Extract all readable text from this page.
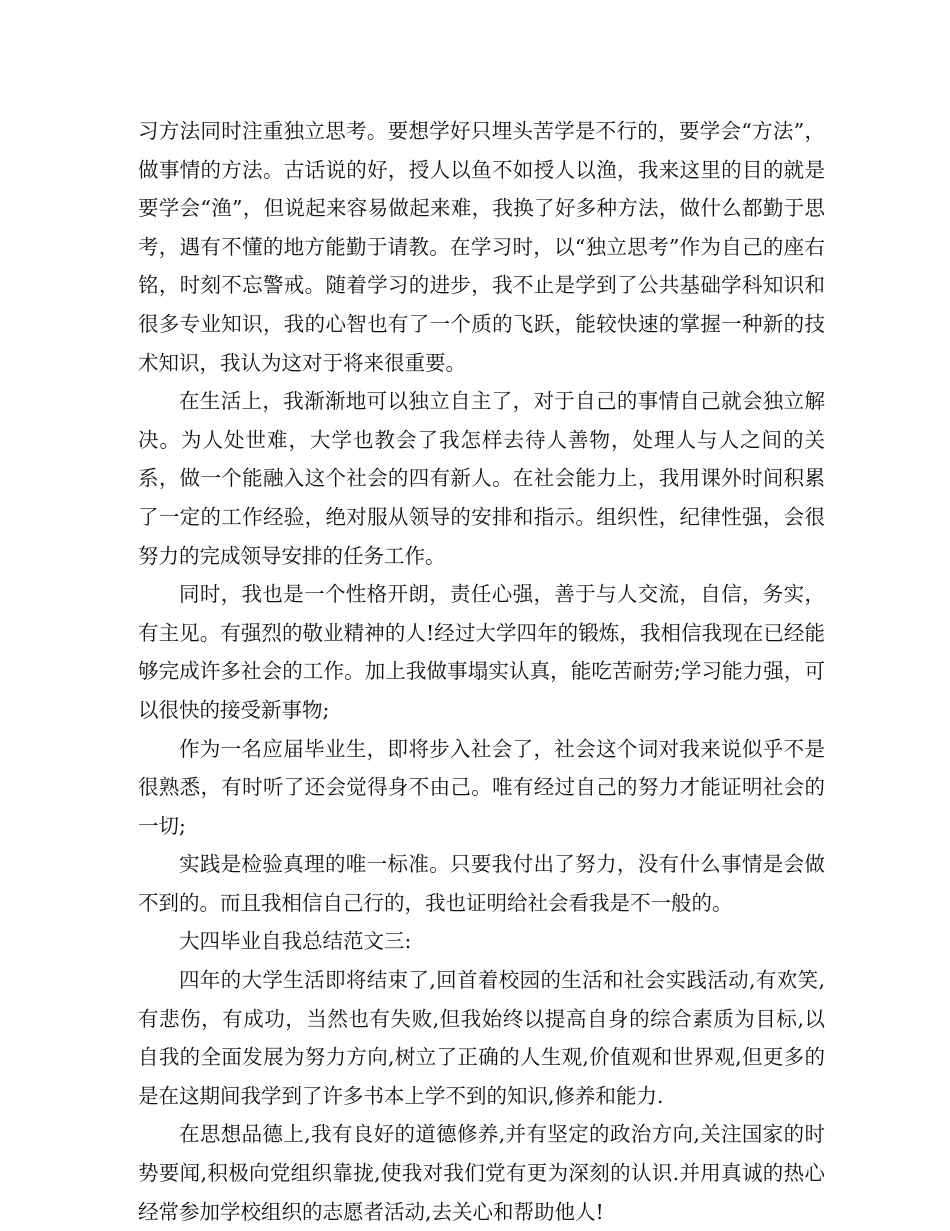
习方法同时注重独立思考。要想学好只埋头苦学是不行的，要学会“方法”，做事情的方法。古话说的好，授人以鱼不如授人以渔，我来这里的目的就是要学会“渔”，但说起来容易做起来难，我换了好多种方法，做什么都勤于思考，遇有不懂的地方能勤于请教。在学习时，以“独立思考”作为自己的座右铭，时刻不忘警戒。随着学习的进步，我不止是学到了公共基础学科知识和很多专业知识，我的心智也有了一个质的飞跃，能较快速的掌握一种新的技术知识，我认为这对于将来很重要。

在生活上，我渐渐地可以独立自主了，对于自己的事情自己就会独立解决。为人处世难，大学也教会了我怎样去待人善物，处理人与人之间的关系，做一个能融入这个社会的四有新人。在社会能力上，我用课外时间积累了一定的工作经验，绝对服从领导的安排和指示。组织性，纪律性强，会很努力的完成领导安排的任务工作。

同时，我也是一个性格开朗，责任心强，善于与人交流，自信，务实，有主见。有强烈的敬业精神的人!经过大学四年的锻炼，我相信我现在已经能够完成许多社会的工作。加上我做事塌实认真，能吃苦耐劳;学习能力强，可以很快的接受新事物;

作为一名应届毕业生，即将步入社会了，社会这个词对我来说似乎不是很熟悉，有时听了还会觉得身不由己。唯有经过自己的努力才能证明社会的一切;

实践是检验真理的唯一标准。只要我付出了努力，没有什么事情是会做不到的。而且我相信自己行的，我也证明给社会看我是不一般的。

大四毕业自我总结范文三:

四年的大学生活即将结束了,回首着校园的生活和社会实践活动,有欢笑,有悲伤，有成功，当然也有失败,但我始终以提高自身的综合素质为目标,以自我的全面发展为努力方向,树立了正确的人生观,价值观和世界观,但更多的是在这期间我学到了许多书本上学不到的知识,修养和能力.

在思想品德上,我有良好的道德修养,并有坚定的政治方向,关注国家的时势要闻,积极向党组织靠拢,使我对我们党有更为深刻的认识.并用真诚的热心经常参加学校组织的志愿者活动,去关心和帮助他人!
